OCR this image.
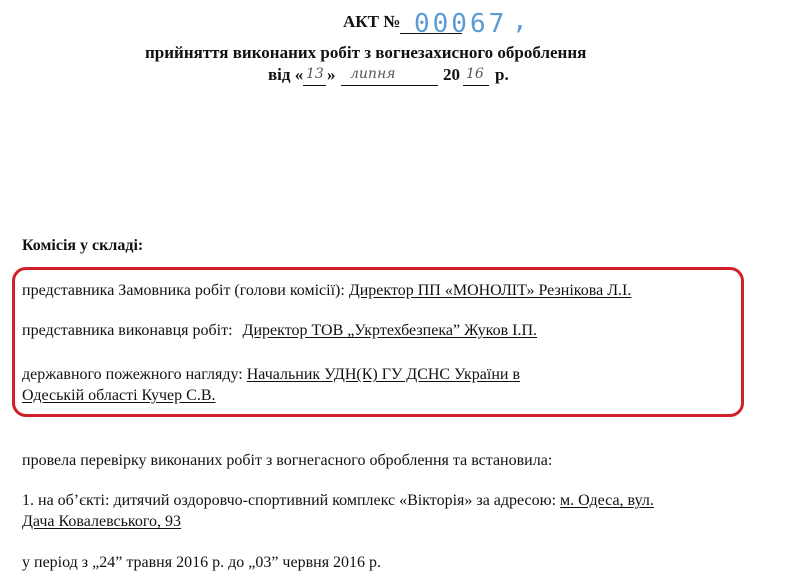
АКТ № 00067 ,
прийняття виконаних робіт з вогнезахисного оброблення
від « 13 » липня	20 16 р.
Комісія у складі:
представника Замовника робіт (голови комісії): Директор ПП «МОНОЛІТ» Резнікова Л.І.
представника виконавця робіт: Директор ТОВ „Укртехбезпека” Жуков І.П.
державного пожежного нагляду: Начальник УДН(К) ГУ ДСНС України в
Одеській області Кучер С.В.
провела перевірку виконаних робіт з вогнегасного оброблення та встановила:
1. на об’єкті: дитячий оздоровчо-спортивний комплекс «Вікторія» за адресою: м. Одеса, вул.
Дача Ковалевського, 93
у період з „24” травня 2016 р. до „03” червня 2016 р.
